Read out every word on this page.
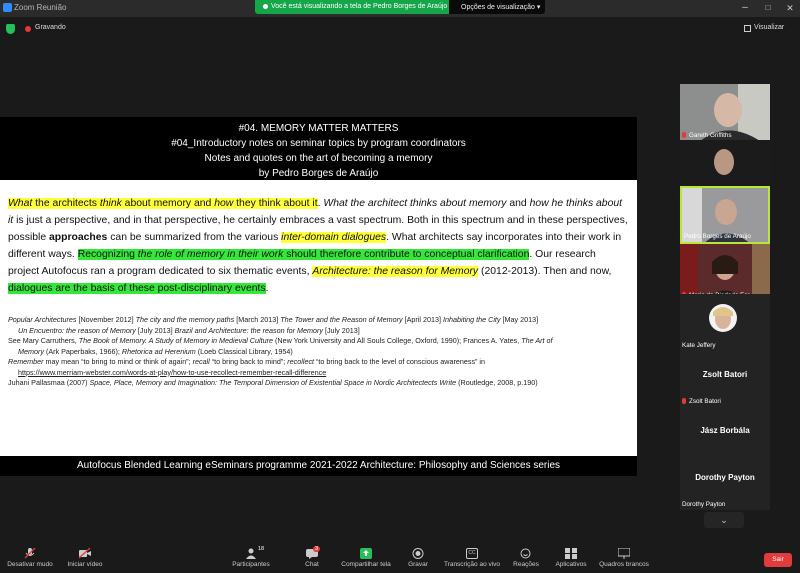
Zoom Reunião	Você está visualizando a tela de Pedro Borges de Araújo	Opções de visualização ▾	–	□	✕
Gravando	Visualizar
#04. MEMORY MATTER MATTERS
#04_Introductory notes on seminar topics by program coordinators
Notes and quotes on the art of becoming a memory
by Pedro Borges de Araújo
What the architects think about memory and how they think about it. What the architect thinks about memory and how he thinks about it is just a perspective, and in that perspective, he certainly embraces a vast spectrum. Both in this spectrum and in these perspectives, possible approaches can be summarized from the various inter-domain dialogues. What architects say incorporates into their work in different ways. Recognizing the role of memory in their work should therefore contribute to conceptual clarification. Our research project Autofocus ran a program dedicated to six thematic events, Architecture: the reason for Memory (2012-2013). Then and now, dialogues are the basis of these post-disciplinary events.

Popular Architectures [November 2012] The city and the memory paths [March 2013] The Tower and the Reason of Memory [April 2013] Inhabiting the City [May 2013]

Un Encuentro: the reason of Memory [July 2013] Brazil and Architecture: the reason for Memory [July 2013]

See Mary Carruthers, The Book of Memory. A Study of Memory in Medieval Culture (New York University and All Souls College, Oxford, 1990); Frances A. Yates, The Art of

Memory (Ark Paperbaks, 1966); Rhetorica ad Herenium (Loeb Classical Library, 1954)

Remember may mean “to bring to mind or think of again”; recall “to bring back to mind”; recollect “to bring back to the level of conscious awareness” in

https://www.merriam-webster.com/words-at-play/how-to-use-recollect-remember-recall-difference

Juhani Pallasmaa (2007) Space, Place, Memory and Imagination: The Temporal Dimension of Existential Space in Nordic Architectects Write (Routledge, 2008, p.190)

Autofocus Blended Learning eSeminars programme 2021-2022 Architecture: Philosophy and Sciences series
Gareth Griffiths
Pedro Borges de Araújo
Kate Jeffery
Zsolt Batori
Zsolt Batori
Jász Borbála
Dorothy Payton
Dorothy Payton
⌄
Desativar mudo	Iniciar vídeo
18
Participantes
3
Chat	Compartilhar tela	Gravar
CC
Transcrição ao vivo	Reações	Aplicativos	Quadros brancos
Sair
